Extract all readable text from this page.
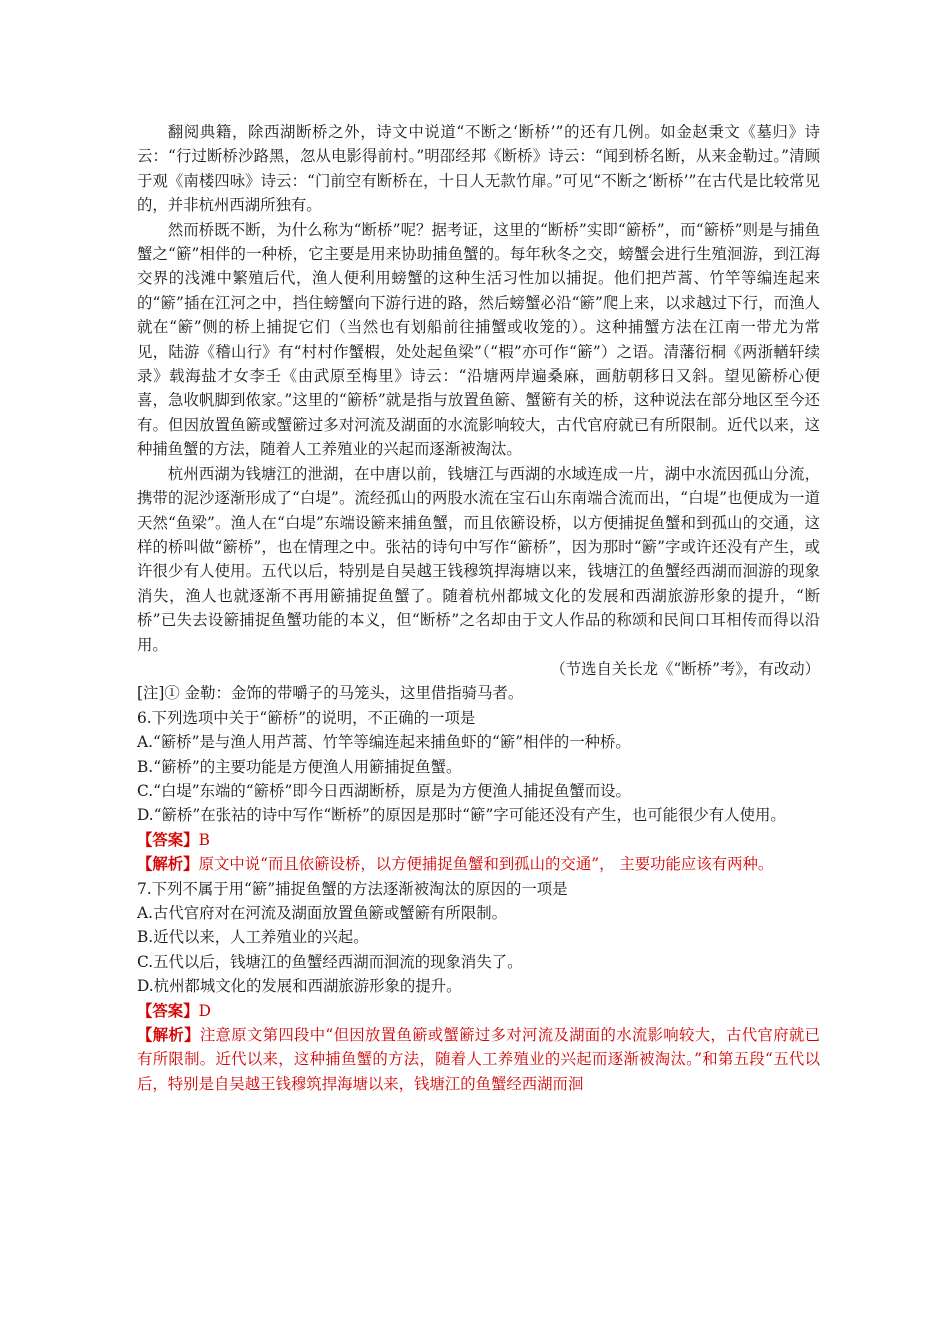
翻阅典籍，除西湖断桥之外，诗文中说道“不断之‘断桥’”的还有几例。如金赵秉文《墓归》诗云：“行过断桥沙路黑，忽从电影得前村。”明邵经邦《断桥》诗云：“闻到桥名断，从来金勒过。”清顾于观《南楼四咏》诗云：“门前空有断桥在，十日人无款竹扉。”可见“不断之‘断桥’”在古代是比较常见的，并非杭州西湖所独有。

然而桥既不断，为什么称为“断桥”呢？据考证，这里的“断桥”实即“簖桥”，而“簖桥”则是与捕鱼蟹之“簖”相伴的一种桥，它主要是用来协助捕鱼蟹的。每年秋冬之交，螃蟹会进行生殖洄游，到江海交界的浅滩中繁殖后代，渔人便利用螃蟹的这种生活习性加以捕捉。他们把芦蒿、竹竿等编连起来的“簖”插在江河之中，挡住螃蟹向下游行进的路，然后螃蟹必沿“簖”爬上来，以求越过下行，而渔人就在“簖”侧的桥上捕捉它们（当然也有划船前往捕蟹或收笼的）。这种捕蟹方法在江南一带尤为常见，陆游《稽山行》有“村村作蟹椵，处处起鱼梁”（“椵”亦可作“簖”）之语。清藩衍桐《两浙輶轩续录》载海盐才女李壬《由武原至梅里》诗云：“沿塘两岸遍桑麻，画舫朝移日又斜。望见簖桥心便喜，急收帆脚到侬家。”这里的“簖桥”就是指与放置鱼簖、蟹簖有关的桥，这种说法在部分地区至今还有。但因放置鱼簖或蟹簖过多对河流及湖面的水流影响较大，古代官府就已有所限制。近代以来，这种捕鱼蟹的方法，随着人工养殖业的兴起而逐渐被淘汰。

杭州西湖为钱塘江的泄湖，在中唐以前，钱塘江与西湖的水域连成一片，湖中水流因孤山分流，携带的泥沙逐渐形成了“白堤”。流经孤山的两股水流在宝石山东南端合流而出，“白堤”也便成为一道天然“鱼梁”。渔人在“白堤”东端设簖来捕鱼蟹，而且依簖设桥，以方便捕捉鱼蟹和到孤山的交通，这样的桥叫做“簖桥”，也在情理之中。张祜的诗句中写作“簖桥”，因为那时“簖”字或许还没有产生，或许很少有人使用。五代以后，特别是自吴越王钱穆筑捍海塘以来，钱塘江的鱼蟹经西湖而洄游的现象消失，渔人也就逐渐不再用簖捕捉鱼蟹了。随着杭州都城文化的发展和西湖旅游形象的提升，“断桥”已失去设簖捕捉鱼蟹功能的本义，但“断桥”之名却由于文人作品的称颂和民间口耳相传而得以沿用。

（节选自关长龙《“断桥”考》，有改动）

[注]① 金勒：金饰的带嚼子的马笼头，这里借指骑马者。

6.下列选项中关于“簖桥”的说明，不正确的一项是

A.“簖桥”是与渔人用芦蒿、竹竿等编连起来捕鱼虾的“簖”相伴的一种桥。

B.“簖桥”的主要功能是方便渔人用簖捕捉鱼蟹。

C.“白堤”东端的“簖桥”即今日西湖断桥，原是为方便渔人捕捉鱼蟹而设。

D.“簖桥”在张祜的诗中写作“断桥”的原因是那时“簖”字可能还没有产生，也可能很少有人使用。

【答案】B

【解析】原文中说“而且依簖设桥，以方便捕捉鱼蟹和到孤山的交通”， 主要功能应该有两种。

7.下列不属于用“簖”捕捉鱼蟹的方法逐渐被淘汰的原因的一项是

A.古代官府对在河流及湖面放置鱼簖或蟹簖有所限制。

B.近代以来，人工养殖业的兴起。

C.五代以后，钱塘江的鱼蟹经西湖而洄流的现象消失了。

D.杭州都城文化的发展和西湖旅游形象的提升。

【答案】D

【解析】注意原文第四段中“但因放置鱼簖或蟹簖过多对河流及湖面的水流影响较大，古代官府就已有所限制。近代以来，这种捕鱼蟹的方法，随着人工养殖业的兴起而逐渐被淘汰。”和第五段“五代以后，特别是自吴越王钱穆筑捍海塘以来，钱塘江的鱼蟹经西湖而洄
